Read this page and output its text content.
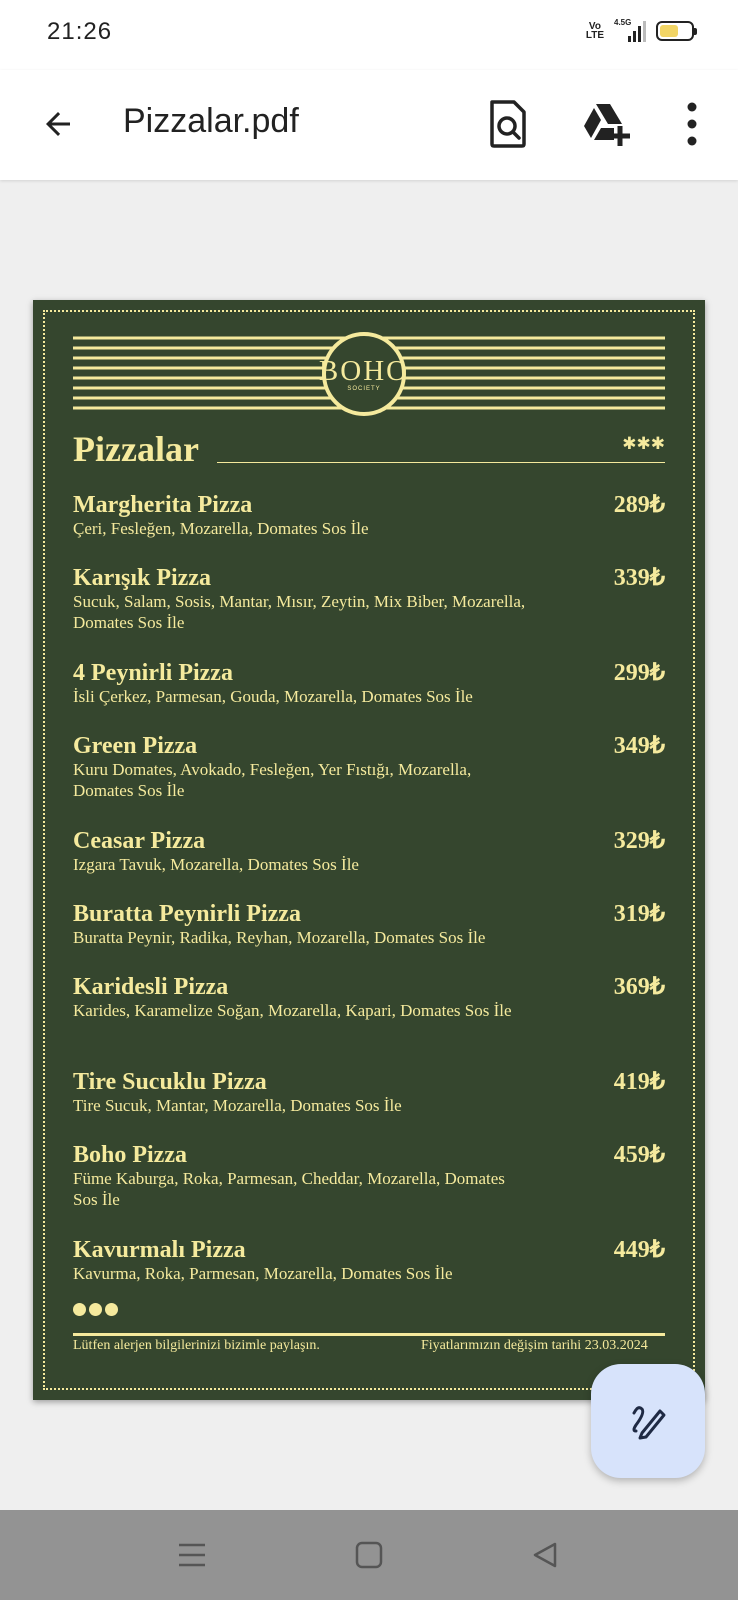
21:26	Vo
LTE
4.5G
Pizzalar.pdf
BOHO
SOCIETY
Pizzalar	✱✱✱
Margherita Pizza	289₺
Çeri, Fesleğen, Mozarella, Domates Sos İle
Karışık Pizza	339₺
Sucuk, Salam, Sosis, Mantar, Mısır, Zeytin, Mix Biber, Mozarella, Domates Sos İle
4 Peynirli Pizza	299₺
İsli Çerkez, Parmesan, Gouda, Mozarella, Domates Sos İle
Green Pizza	349₺
Kuru Domates, Avokado, Fesleğen, Yer Fıstığı, Mozarella, Domates Sos İle
Ceasar Pizza	329₺
Izgara Tavuk, Mozarella, Domates Sos İle
Buratta Peynirli Pizza	319₺
Buratta Peynir, Radika, Reyhan, Mozarella, Domates Sos İle
Karidesli Pizza	369₺
Karides, Karamelize Soğan, Mozarella, Kapari, Domates Sos İle
Tire Sucuklu Pizza	419₺
Tire Sucuk, Mantar, Mozarella, Domates Sos İle
Boho Pizza	459₺
Füme Kaburga, Roka, Parmesan, Cheddar, Mozarella, Domates Sos İle
Kavurmalı Pizza	449₺
Kavurma, Roka, Parmesan, Mozarella, Domates Sos İle
Lütfen alerjen bilgilerinizi bizimle paylaşın.	Fiyatlarımızın değişim tarihi 23.03.2024
